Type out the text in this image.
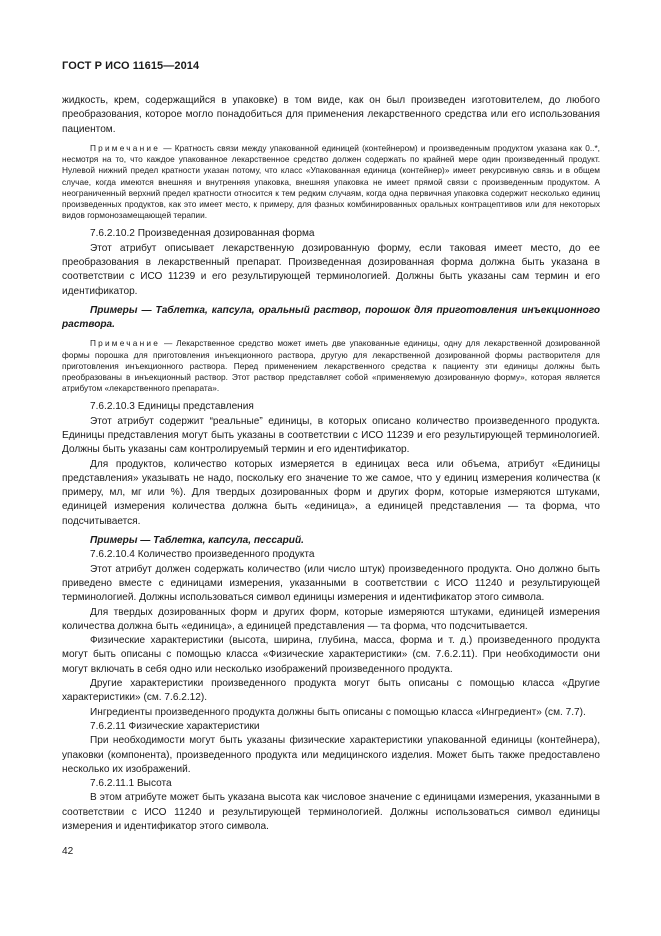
ГОСТ Р ИСО 11615—2014

жидкость, крем, содержащийся в упаковке) в том виде, как он был произведен изготовителем, до любого преобразования, которое могло понадобиться для применения лекарственного средства или его использования пациентом.

Примечание — Кратность связи между упакованной единицей (контейнером) и произведенным продуктом указана как 0..*, несмотря на то, что каждое упакованное лекарственное средство должен содержать по крайней мере один произведенный продукт. Нулевой нижний предел кратности указан потому, что класс «Упакованная единица (контейнер)» имеет рекурсивную связь и в общем случае, когда имеются внешняя и внутренняя упаковка, внешняя упаковка не имеет прямой связи с произведенным продуктом. А неограниченный верхний предел кратности относится к тем редким случаям, когда одна первичная упаковка содержит несколько единиц произведенных продуктов, как это имеет место, к примеру, для фазных комбинированных оральных контрацептивов или для некоторых видов гормонозамещающей терапии.

7.6.2.10.2 Произведенная дозированная форма

Этот атрибут описывает лекарственную дозированную форму, если таковая имеет место, до ее преобразования в лекарственный препарат. Произведенная дозированная форма должна быть указана в соответствии с ИСО 11239 и его результирующей терминологией. Должны быть указаны сам термин и его идентификатор.

Примеры — Таблетка, капсула, оральный раствор, порошок для приготовления инъекционного раствора.

Примечание — Лекарственное средство может иметь две упакованные единицы, одну для лекарственной дозированной формы порошка для приготовления инъекционного раствора, другую для лекарственной дозированной формы растворителя для приготовления инъекционного раствора. Перед применением лекарственного средства к пациенту эти единицы должны быть преобразованы в инъекционный раствор. Этот раствор представляет собой «применяемую дозированную форму», которая является атрибутом «лекарственного препарата».

7.6.2.10.3 Единицы представления

Этот атрибут содержит “реальные” единицы, в которых описано количество произведенного продукта. Единицы представления могут быть указаны в соответствии с ИСО 11239 и его результирующей терминологией. Должны быть указаны сам контролируемый термин и его идентификатор.

Для продуктов, количество которых измеряется в единицах веса или объема, атрибут «Единицы представления» указывать не надо, поскольку его значение то же самое, что у единиц измерения количества (к примеру, мл, мг или %). Для твердых дозированных форм и других форм, которые измеряются штуками, единицей измерения количества должна быть «единица», а единицей представления — та форма, что подсчитывается.

Примеры — Таблетка, капсула, пессарий.

7.6.2.10.4 Количество произведенного продукта

Этот атрибут должен содержать количество (или число штук) произведенного продукта. Оно должно быть приведено вместе с единицами измерения, указанными в соответствии с ИСО 11240 и результирующей терминологией. Должны использоваться символ единицы измерения и идентификатор этого символа.

Для твердых дозированных форм и других форм, которые измеряются штуками, единицей измерения количества должна быть «единица», а единицей представления — та форма, что подсчитывается.

Физические характеристики (высота, ширина, глубина, масса, форма и т. д.) произведенного продукта могут быть описаны с помощью класса «Физические характеристики» (см. 7.6.2.11). При необходимости они могут включать в себя одно или несколько изображений произведенного продукта.

Другие характеристики произведенного продукта могут быть описаны с помощью класса «Другие характеристики» (см. 7.6.2.12).

Ингредиенты произведенного продукта должны быть описаны с помощью класса «Ингредиент» (см. 7.7).

7.6.2.11 Физические характеристики

При необходимости могут быть указаны физические характеристики упакованной единицы (контейнера), упаковки (компонента), произведенного продукта или медицинского изделия. Может быть также предоставлено несколько их изображений.

7.6.2.11.1 Высота

В этом атрибуте может быть указана высота как числовое значение с единицами измерения, указанными в соответствии с ИСО 11240 и результирующей терминологией. Должны использоваться символ единицы измерения и идентификатор этого символа.

42
